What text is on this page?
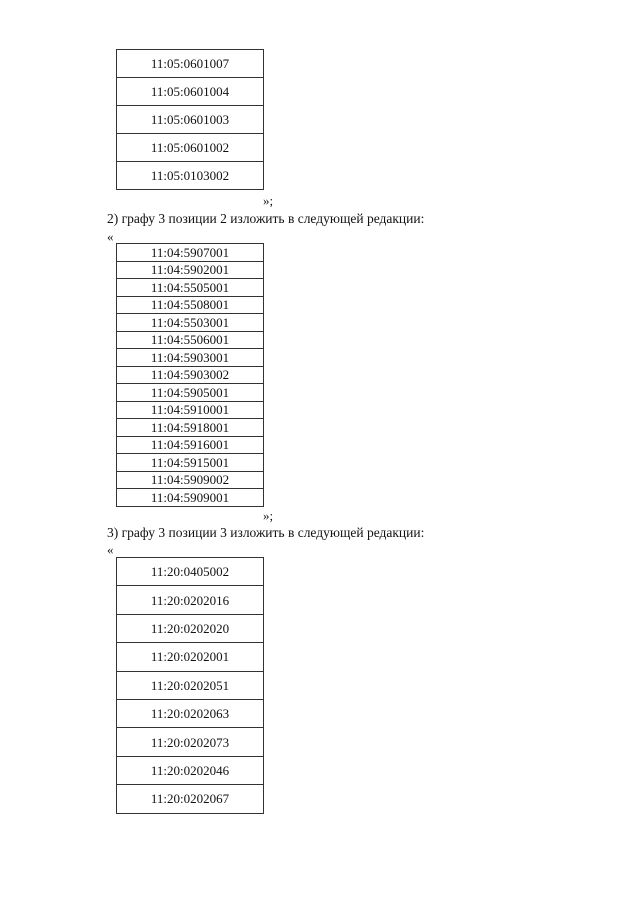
11:05:0601007
11:05:0601004
11:05:0601003
11:05:0601002
11:05:0103002
»;
2) графу 3 позиции 2 изложить в следующей редакции:
«
11:04:5907001
11:04:5902001
11:04:5505001
11:04:5508001
11:04:5503001
11:04:5506001
11:04:5903001
11:04:5903002
11:04:5905001
11:04:5910001
11:04:5918001
11:04:5916001
11:04:5915001
11:04:5909002
11:04:5909001
»;
3) графу 3 позиции 3 изложить в следующей редакции:
«
11:20:0405002
11:20:0202016
11:20:0202020
11:20:0202001
11:20:0202051
11:20:0202063
11:20:0202073
11:20:0202046
11:20:0202067
